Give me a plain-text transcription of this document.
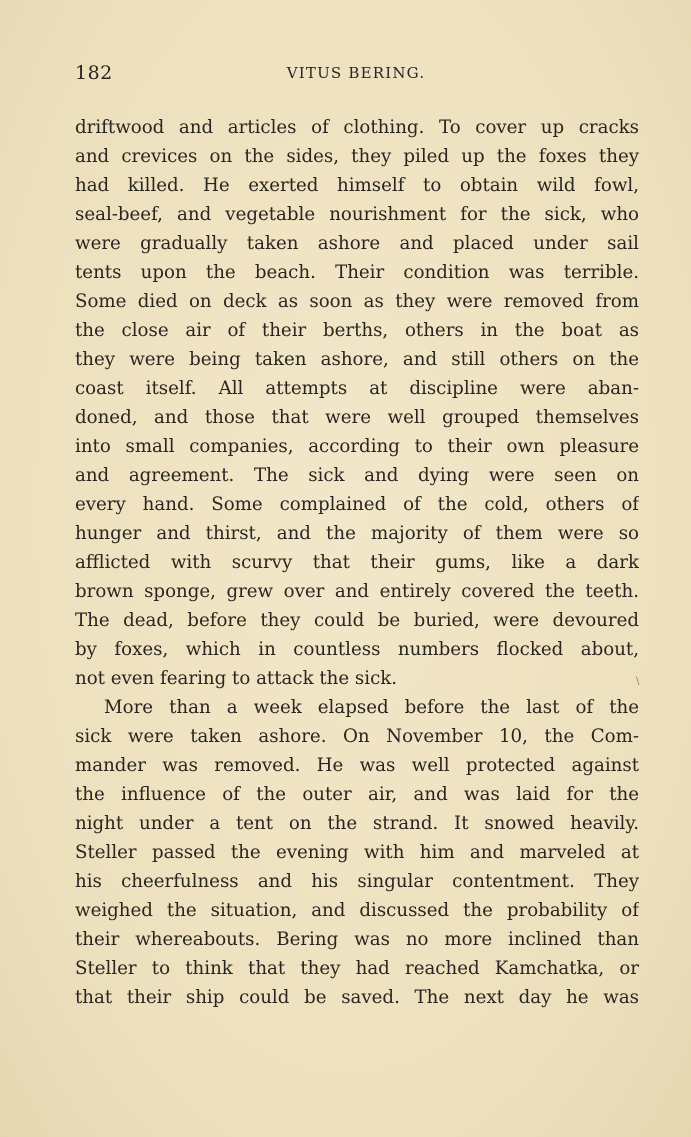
182	VITUS BERING.
driftwood and articles of clothing. To cover up cracks
and crevices on the sides, they piled up the foxes they
had killed. He exerted himself to obtain wild fowl,
seal-beef, and vegetable nourishment for the sick, who
were gradually taken ashore and placed under sail
tents upon the beach. Their condition was terrible.
Some died on deck as soon as they were removed from
the close air of their berths, others in the boat as
they were being taken ashore, and still others on the
coast itself. All attempts at discipline were aban-
doned, and those that were well grouped themselves
into small companies, according to their own pleasure
and agreement. The sick and dying were seen on
every hand. Some complained of the cold, others of
hunger and thirst, and the majority of them were so
afflicted with scurvy that their gums, like a dark
brown sponge, grew over and entirely covered the teeth.
The dead, before they could be buried, were devoured
by foxes, which in countless numbers flocked about,
not even fearing to attack the sick.
More than a week elapsed before the last of the
sick were taken ashore. On November 10, the Com-
mander was removed. He was well protected against
the influence of the outer air, and was laid for the
night under a tent on the strand. It snowed heavily.
Steller passed the evening with him and marveled at
his cheerfulness and his singular contentment. They
weighed the situation, and discussed the probability of
their whereabouts. Bering was no more inclined than
Steller to think that they had reached Kamchatka, or
that their ship could be saved. The next day he was
\
